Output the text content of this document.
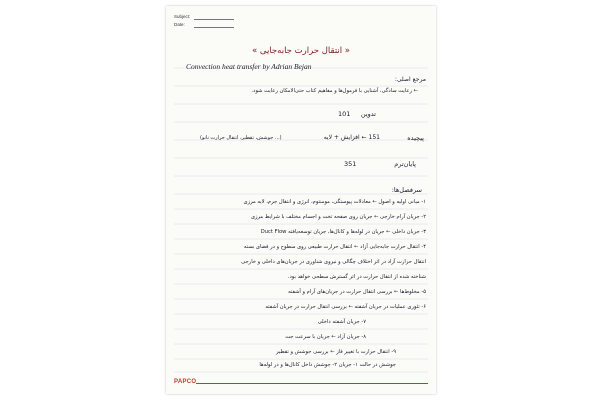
Subject:
Date:
« انتقال حرارت جابه‌جایی »
Convection heat transfer by Adrian Bejan
مرجع اصلی:
← رعایت سادگی، آشنایی با فرمول‌ها و مفاهیم کتاب حتی‌الامکان رعایت شود.
تدوین
101
پیچیده
151 ← افزایش + لایه
(جوشش، تقطیر، انتقال حرارت نانو ...)
پایان‌ترم
351
سرفصل‌ها:
۱- مبانی اولیه و اصول ← معادلات پیوستگی، مومنتوم، انرژی و انتقال جرم، لایه مرزی
۲- جریان آرام خارجی ← جریان روی صفحه تخت و اجسام مختلف با شرایط مرزی
۳- جریان داخلی ← جریان در لوله‌ها و کانال‌ها، جریان توسعه‌یافته Duct Flow
۴- انتقال حرارت جابه‌جایی آزاد ← انتقال حرارت طبیعی روی سطوح و در فضای بسته
انتقال حرارت آزاد در اثر اختلاف چگالی و نیروی شناوری در جریان‌های داخلی و خارجی
شناخته شده از انتقال حرارت در اثر گسترش سطحی خواهد بود.
۵- مخلوط‌ها ← بررسی انتقال حرارت در جریان‌های آرام و آشفته
۶- تئوری عملیات در جریان آشفته ← بررسی انتقال حرارت در جریان آشفته
۷- جریان آشفته داخلی
۸- جریان آزاد ← جریان با سرعت جت
۹- انتقال حرارت با تغییر فاز ← بررسی جوشش و تقطیر
جوشش در حالت ۱- جریان ۲- جوشش داخل کانال‌ها و در لوله‌ها
PAPCO
